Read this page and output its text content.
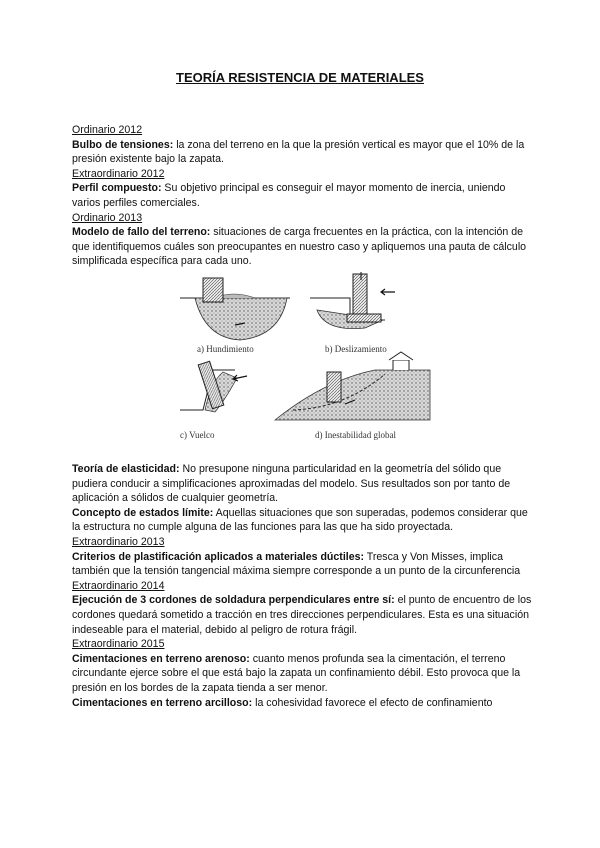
TEORÍA RESISTENCIA DE MATERIALES
Ordinario 2012
Bulbo de tensiones: la zona del terreno en la que la presión vertical es mayor que el 10% de la presión existente bajo la zapata.
Extraordinario 2012
Perfil compuesto: Su objetivo principal es conseguir el mayor momento de inercia, uniendo varios perfiles comerciales.
Ordinario 2013
Modelo de fallo del terreno: situaciones de carga frecuentes en la práctica, con la intención de que identifiquemos cuáles son preocupantes en nuestro caso y apliquemos una pauta de cálculo simplificada específica para cada uno.
a) Hundimiento	b) Deslizamiento
c) Vuelco	d) Inestabilidad global
Teoría de elasticidad: No presupone ninguna particularidad en la geometría del sólido que pudiera conducir a simplificaciones aproximadas del modelo. Sus resultados son por tanto de aplicación a sólidos de cualquier geometría.
Concepto de estados límite: Aquellas situaciones que son superadas, podemos considerar que la estructura no cumple alguna de las funciones para las que ha sido proyectada.
Extraordinario 2013
Criterios de plastificación aplicados a materiales dúctiles: Tresca y Von Misses, implica también que la tensión tangencial máxima siempre corresponde a un punto de la circunferencia
Extraordinario 2014
Ejecución de 3 cordones de soldadura perpendiculares entre sí: el punto de encuentro de los cordones quedará sometido a tracción en tres direcciones perpendiculares. Esta es una situación indeseable para el material, debido al peligro de rotura frágil.
Extraordinario 2015
Cimentaciones en terreno arenoso: cuanto menos profunda sea la cimentación, el terreno circundante ejerce sobre el que está bajo la zapata un confinamiento débil. Esto provoca que la presión en los bordes de la zapata tienda a ser menor.
Cimentaciones en terreno arcilloso: la cohesividad favorece el efecto de confinamiento
